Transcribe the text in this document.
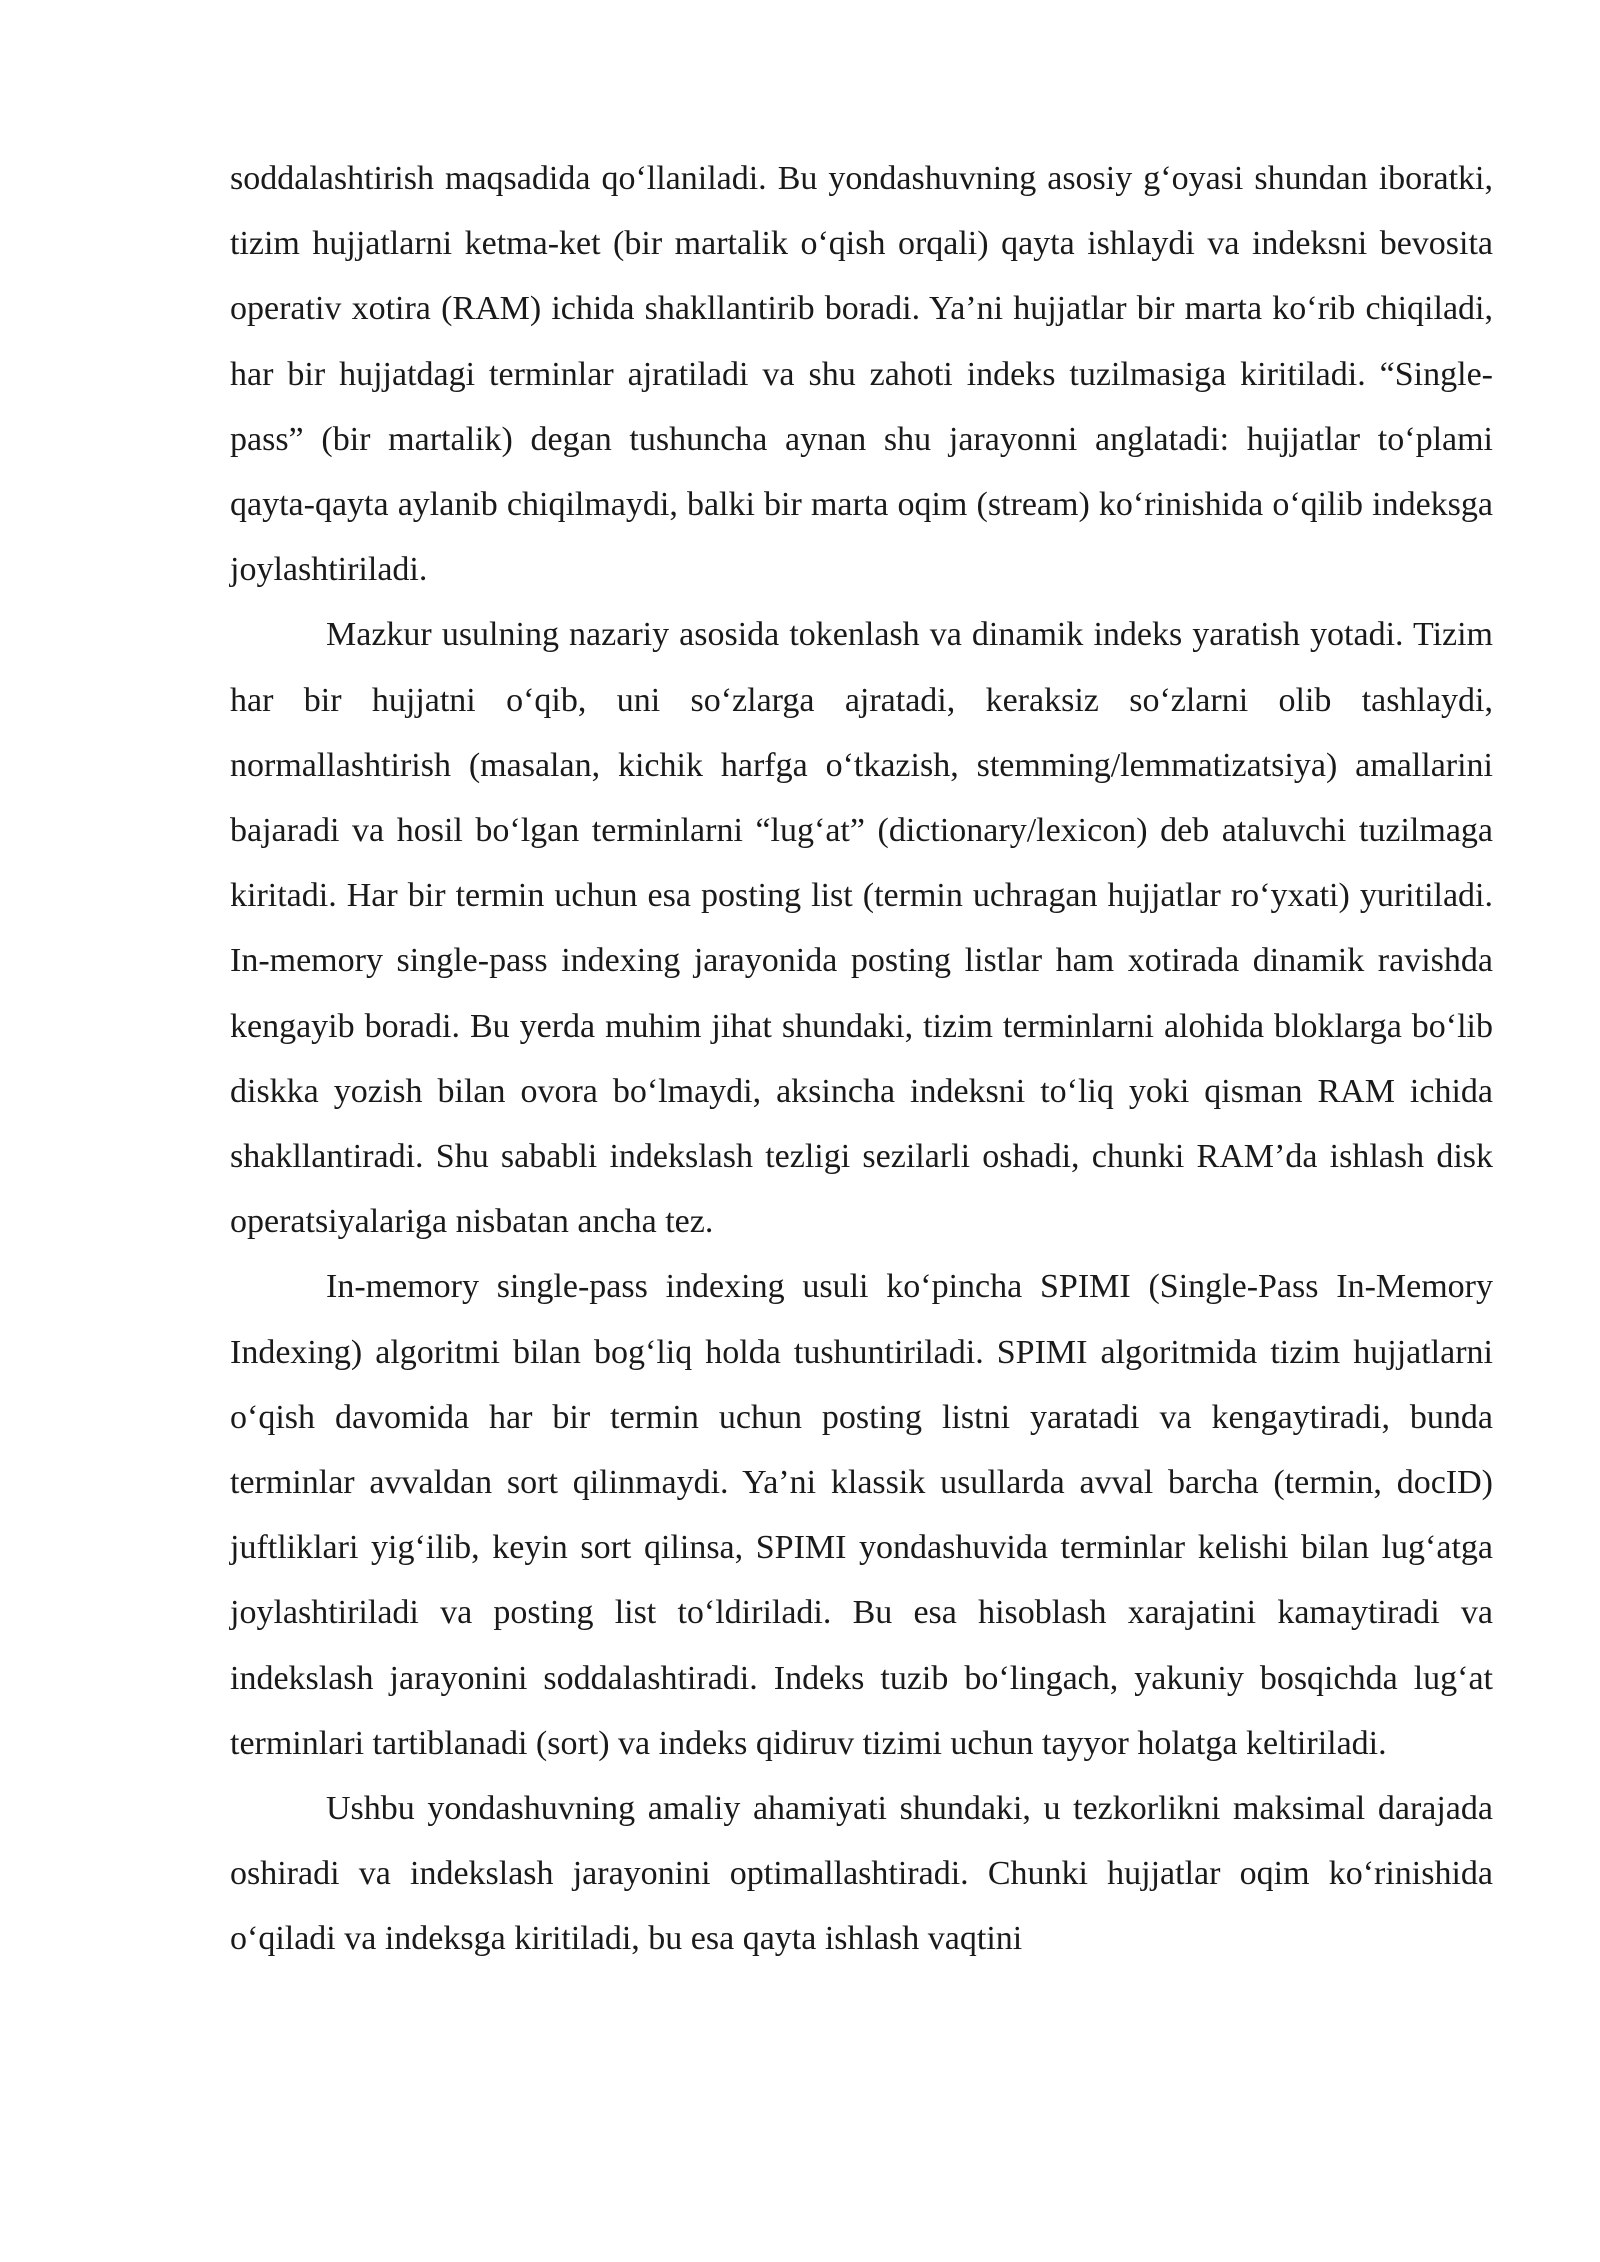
soddalashtirish maqsadida qo‘llaniladi. Bu yondashuvning asosiy g‘oyasi shundan iboratki, tizim hujjatlarni ketma-ket (bir martalik o‘qish orqali) qayta ishlaydi va indeksni bevosita operativ xotira (RAM) ichida shakllantirib boradi. Ya’ni hujjatlar bir marta ko‘rib chiqiladi, har bir hujjatdagi terminlar ajratiladi va shu zahoti indeks tuzilmasiga kiritiladi. “Single-pass” (bir martalik) degan tushuncha aynan shu jarayonni anglatadi: hujjatlar to‘plami qayta-qayta aylanib chiqilmaydi, balki bir marta oqim (stream) ko‘rinishida o‘qilib indeksga joylashtiriladi.

Mazkur usulning nazariy asosida tokenlash va dinamik indeks yaratish yotadi. Tizim har bir hujjatni o‘qib, uni so‘zlarga ajratadi, keraksiz so‘zlarni olib tashlaydi, normallashtirish (masalan, kichik harfga o‘tkazish, stemming/lemmatizatsiya) amallarini bajaradi va hosil bo‘lgan terminlarni “lug‘at” (dictionary/lexicon) deb ataluvchi tuzilmaga kiritadi. Har bir termin uchun esa posting list (termin uchragan hujjatlar ro‘yxati) yuritiladi. In-memory single-pass indexing jarayonida posting listlar ham xotirada dinamik ravishda kengayib boradi. Bu yerda muhim jihat shundaki, tizim terminlarni alohida bloklarga bo‘lib diskka yozish bilan ovora bo‘lmaydi, aksincha indeksni to‘liq yoki qisman RAM ichida shakllantiradi. Shu sababli indekslash tezligi sezilarli oshadi, chunki RAM’da ishlash disk operatsiyalariga nisbatan ancha tez.

In-memory single-pass indexing usuli ko‘pincha SPIMI (Single-Pass In-Memory Indexing) algoritmi bilan bog‘liq holda tushuntiriladi. SPIMI algoritmida tizim hujjatlarni o‘qish davomida har bir termin uchun posting listni yaratadi va kengaytiradi, bunda terminlar avvaldan sort qilinmaydi. Ya’ni klassik usullarda avval barcha (termin, docID) juftliklari yig‘ilib, keyin sort qilinsa, SPIMI yondashuvida terminlar kelishi bilan lug‘atga joylashtiriladi va posting list to‘ldiriladi. Bu esa hisoblash xarajatini kamaytiradi va indekslash jarayonini soddalashtiradi. Indeks tuzib bo‘lingach, yakuniy bosqichda lug‘at terminlari tartiblanadi (sort) va indeks qidiruv tizimi uchun tayyor holatga keltiriladi.

Ushbu yondashuvning amaliy ahamiyati shundaki, u tezkorlikni maksimal darajada oshiradi va indekslash jarayonini optimallashtiradi. Chunki hujjatlar oqim ko‘rinishida o‘qiladi va indeksga kiritiladi, bu esa qayta ishlash vaqtini
